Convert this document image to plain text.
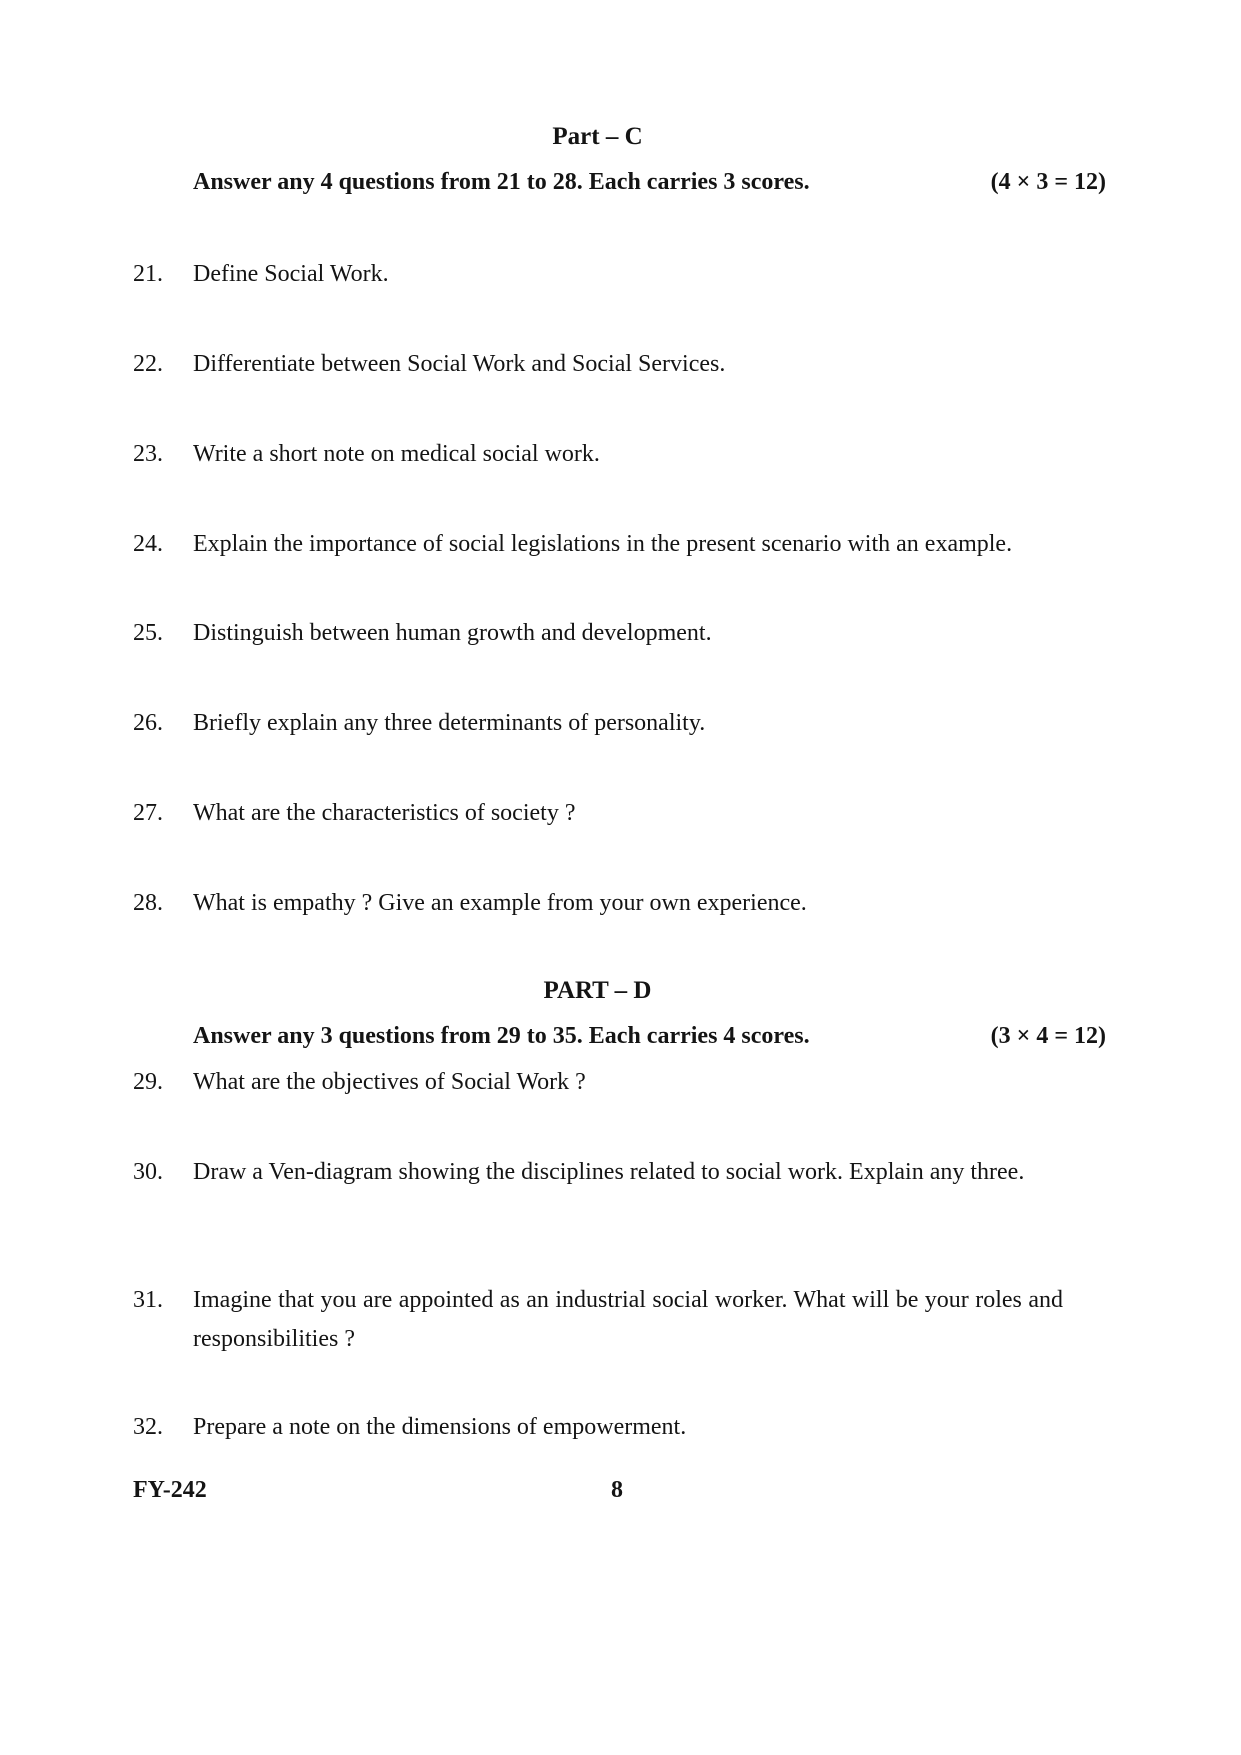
Part – C
Answer any 4 questions from 21 to 28. Each carries 3 scores.	(4 × 3 = 12)
21. Define Social Work.
22. Differentiate between Social Work and Social Services.
23. Write a short note on medical social work.
24. Explain the importance of social legislations in the present scenario with an example.
25. Distinguish between human growth and development.
26. Briefly explain any three determinants of personality.
27. What are the characteristics of society ?
28. What is empathy ? Give an example from your own experience.
PART – D
Answer any 3 questions from 29 to 35. Each carries 4 scores.	(3 × 4 = 12)
29. What are the objectives of Social Work ?
30. Draw a Ven-diagram showing the disciplines related to social work. Explain any three.
31. Imagine that you are appointed as an industrial social worker. What will be your roles and responsibilities ?
32. Prepare a note on the dimensions of empowerment.
FY-242	8
